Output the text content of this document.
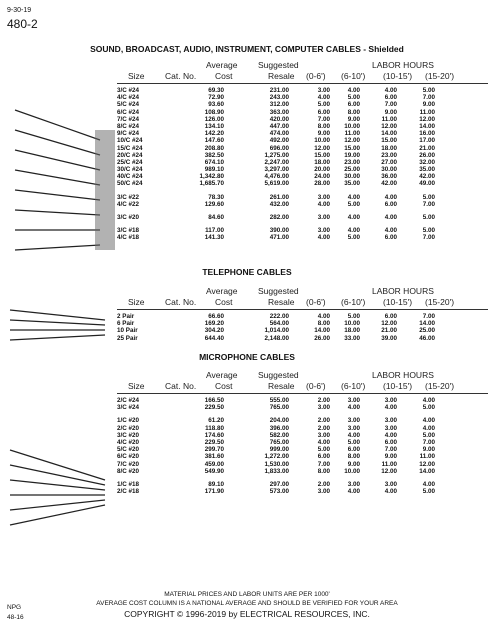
9-30-19
480-2
SOUND, BROADCAST, AUDIO, INSTRUMENT, COMPUTER CABLES - Shielded
Average Suggested	LABOR HOURS
Size Cat. No. Cost	Resale (0-6') (6-10') (10-15') (15-20')
3/C #24	69.30	231.00	3.00	4.00	4.00	5.00
4/C #24	72.90	243.00	4.00	5.00	6.00	7.00
5/C #24	93.60	312.00	5.00	6.00	7.00	9.00
6/C #24	108.90	363.00	6.00	8.00	9.00	11.00
7/C #24	126.00	420.00	7.00	9.00	11.00	12.00
8/C #24	134.10	447.00	8.00	10.00	12.00	14.00
9/C #24	142.20	474.00	9.00	11.00	14.00	16.00
10/C #24	147.60	492.00	10.00	12.00	15.00	17.00
15/C #24	208.80	696.00	12.00	15.00	18.00	21.00
20/C #24	382.50	1,275.00	15.00	19.00	23.00	26.00
25/C #24	674.10	2,247.00	18.00	23.00	27.00	32.00
30/C #24	989.10	3,297.00	20.00	25.00	30.00	35.00
40/C #24	1,342.80	4,476.00	24.00	30.00	36.00	42.00
50/C #24	1,685.70	5,619.00	28.00	35.00	42.00	49.00
3/C #22	78.30	261.00	3.00	4.00	4.00	5.00
4/C #22	129.60	432.00	4.00	5.00	6.00	7.00
3/C #20	84.60	282.00	3.00	4.00	4.00	5.00
3/C #18	117.00	390.00	3.00	4.00	4.00	5.00
4/C #18	141.30	471.00	4.00	5.00	6.00	7.00
TELEPHONE CABLES
Average Suggested	LABOR HOURS
Size Cat. No. Cost	Resale (0-6') (6-10') (10-15') (15-20')
2 Pair	66.60	222.00	4.00	5.00	6.00	7.00
6 Pair	169.20	564.00	8.00	10.00	12.00	14.00
10 Pair	304.20	1,014.00	14.00	18.00	21.00	25.00
25 Pair	644.40	2,148.00	26.00	33.00	39.00	46.00
MICROPHONE CABLES
Average Suggested	LABOR HOURS
Size Cat. No. Cost	Resale (0-6') (6-10') (10-15') (15-20')
2/C #24	166.50	555.00	2.00	3.00	3.00	4.00
3/C #24	229.50	765.00	3.00	4.00	4.00	5.00
1/C #20	61.20	204.00	2.00	3.00	3.00	4.00
2/C #20	118.80	396.00	2.00	3.00	3.00	4.00
3/C #20	174.60	582.00	3.00	4.00	4.00	5.00
4/C #20	229.50	765.00	4.00	5.00	6.00	7.00
5/C #20	299.70	999.00	5.00	6.00	7.00	9.00
6/C #20	381.60	1,272.00	6.00	8.00	9.00	11.00
7/C #20	459.00	1,530.00	7.00	9.00	11.00	12.00
8/C #20	549.90	1,833.00	8.00	10.00	12.00	14.00
1/C #18	89.10	297.00	2.00	3.00	3.00	4.00
2/C #18	171.90	573.00	3.00	4.00	4.00	5.00
NPG
48-16
MATERIAL PRICES AND LABOR UNITS ARE PER 1000'
AVERAGE COST COLUMN IS A NATIONAL AVERAGE AND SHOULD BE VERIFIED FOR YOUR AREA
COPYRIGHT © 1996-2019 by ELECTRICAL RESOURCES, INC.
